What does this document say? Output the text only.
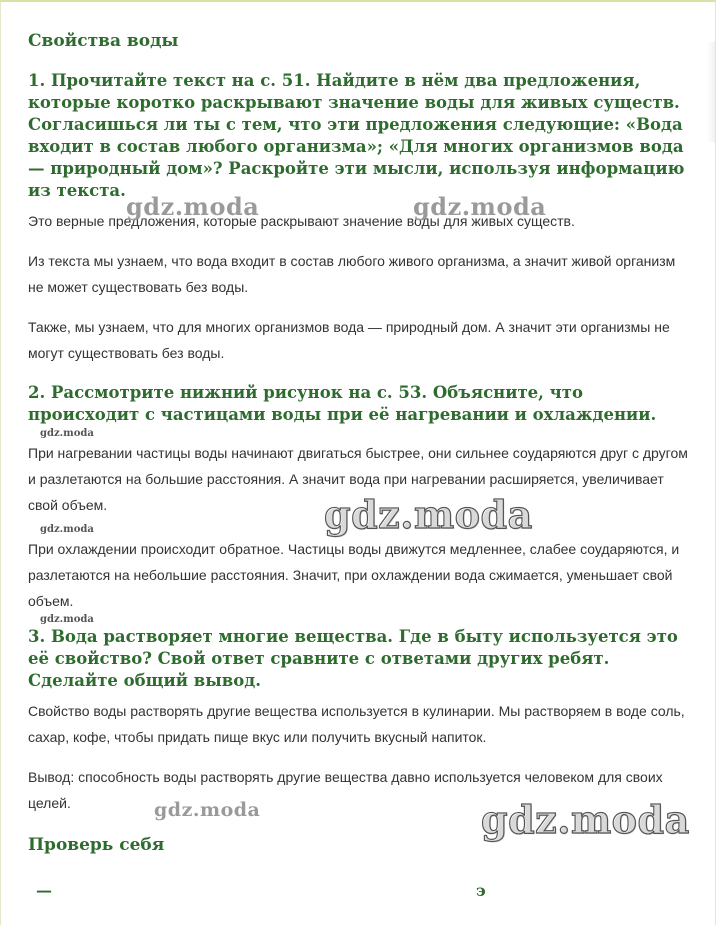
Свойства воды
1. Прочитайте текст на с. 51. Найдите в нём два предложения, которые коротко раскрывают значение воды для живых существ. Согласишься ли ты с тем, что эти предложения следующие: «Вода входит в состав любого организма»; «Для многих организмов вода — природный дом»? Раскройте эти мысли, используя информацию из текста.
Это верные предложения, которые раскрывают значение воды для живых существ.
Из текста мы узнаем, что вода входит в состав любого живого организма, а значит живой организм не может существовать без воды.
Также, мы узнаем, что для многих организмов вода — природный дом. А значит эти организмы не могут существовать без воды.
2. Рассмотрите нижний рисунок на с. 53. Объясните, что происходит с частицами воды при её нагревании и охлаждении.
gdz.moda
При нагревании частицы воды начинают двигаться быстрее, они сильнее соударяются друг с другом и разлетаются на большие расстояния. А значит вода при нагревании расширяется, увеличивает свой объем.
gdz.moda
При охлаждении происходит обратное. Частицы воды движутся медленнее, слабее соударяются, и разлетаются на небольшие расстояния. Значит, при охлаждении вода сжимается, уменьшает свой объем.
gdz.moda
3. Вода растворяет многие вещества. Где в быту используется это её свойство? Свой ответ сравните с ответами других ребят. Сделайте общий вывод.
Свойство воды растворять другие вещества используется в кулинарии. Мы растворяем в воде соль, сахар, кофе, чтобы придать пище вкус или получить вкусный напиток.
Вывод: способность воды растворять другие вещества давно используется человеком для своих целей.
Проверь себя
—	э
gdz.moda	gdz.moda
gdz.moda
gdz.moda	gdz.moda
